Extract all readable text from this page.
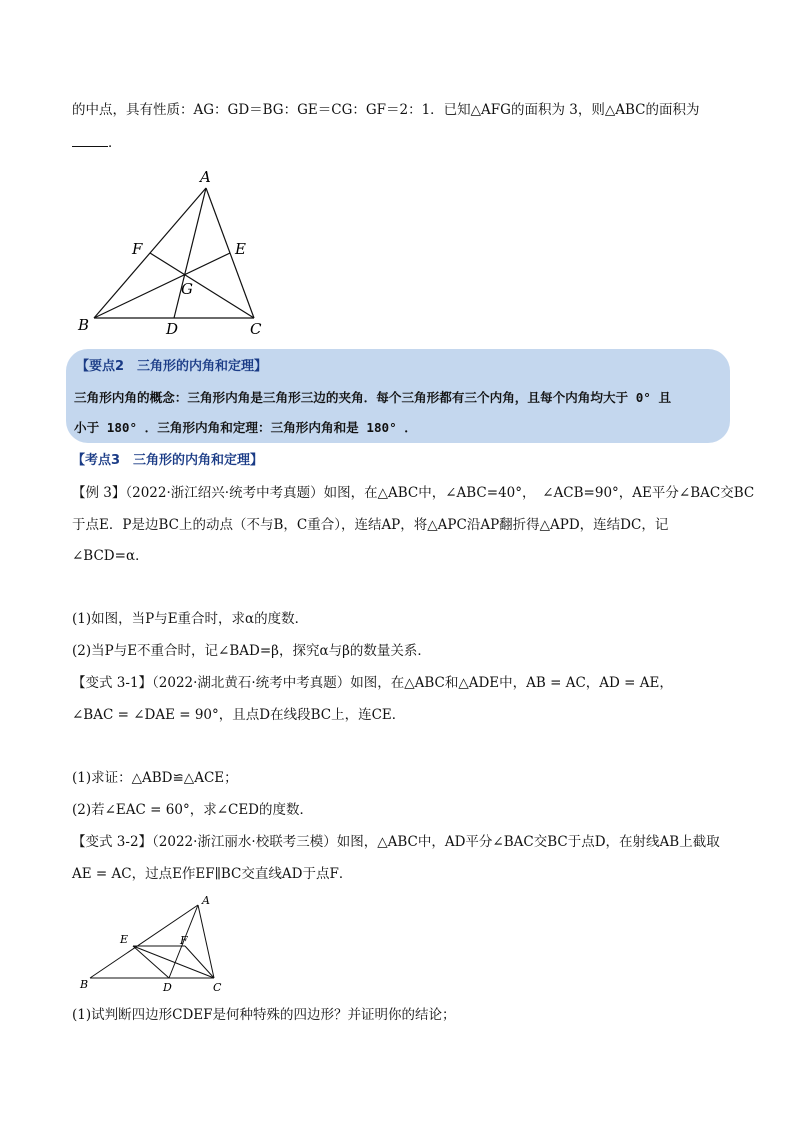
的中点，具有性质：AG：GD＝BG：GE＝CG：GF＝2：1．已知△AFG的面积为 3，则△ABC的面积为
．
A
F	E
G
B	D	C
【要点2　三角形的内角和定理】
三角形内角的概念：三角形内角是三角形三边的夹角．每个三角形都有三个内角，且每个内角均大于 0° 且
小于 180° ．三角形内角和定理：三角形内角和是 180° ．
【考点3　三角形的内角和定理】
【例 3】（2022·浙江绍兴·统考中考真题）如图，在△ABC中，∠ABC=40°，　∠ACB=90°，AE平分∠BAC交BC
于点E．P是边BC上的动点（不与B，C重合），连结AP，将△APC沿AP翻折得△APD，连结DC，记
∠BCD=α．
(1)如图，当P与E重合时，求α的度数．
(2)当P与E不重合时，记∠BAD=β，探究α与β的数量关系．
【变式 3-1】（2022·湖北黄石·统考中考真题）如图，在△ABC和△ADE中，AB = AC，AD = AE，
∠BAC = ∠DAE = 90°，且点D在线段BC上，连CE．
(1)求证：△ABD≌△ACE；
(2)若∠EAC = 60°，求∠CED的度数．
【变式 3-2】（2022·浙江丽水·校联考三模）如图，△ABC中，AD平分∠BAC交BC于点D，在射线AB上截取
AE = AC，过点E作EF∥BC交直线AD于点F．
A
E	F
B	D	C
(1)试判断四边形CDEF是何种特殊的四边形？并证明你的结论；
